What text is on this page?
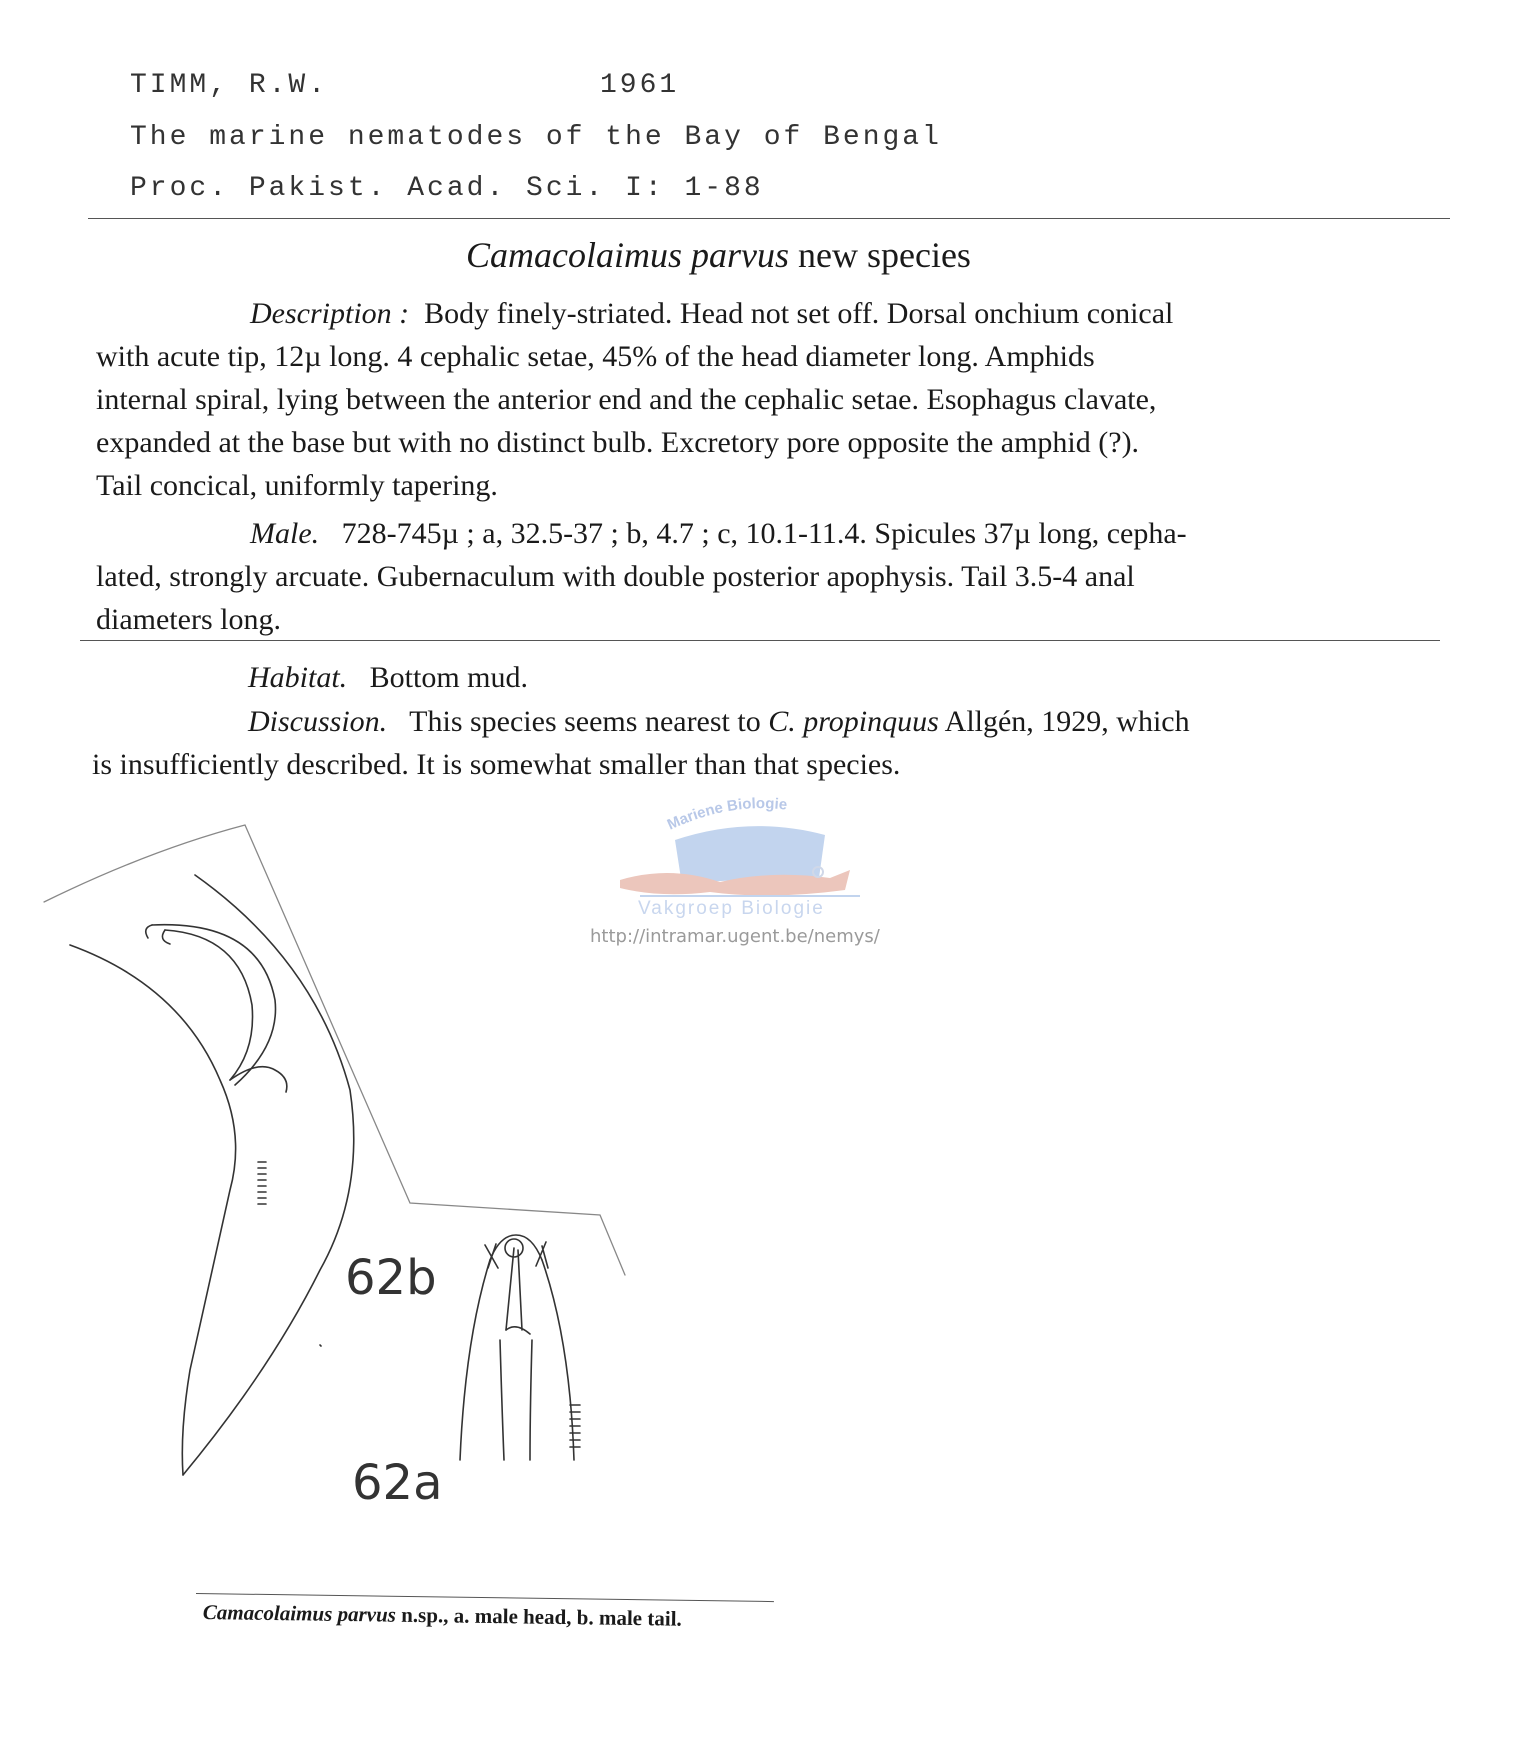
TIMM, R.W.	1961
The marine nematodes of the Bay of Bengal
Proc. Pakist. Acad. Sci. I: 1-88
Camacolaimus parvus new species
Description : Body finely-striated. Head not set off. Dorsal onchium conical
with acute tip, 12µ long. 4 cephalic setae, 45% of the head diameter long. Amphids
internal spiral, lying between the anterior end and the cephalic setae. Esophagus clavate,
expanded at the base but with no distinct bulb. Excretory pore opposite the amphid (?).
Tail concical, uniformly tapering.
Male. 728-745µ ; a, 32.5-37 ; b, 4.7 ; c, 10.1-11.4. Spicules 37µ long, cepha-
lated, strongly arcuate. Gubernaculum with double posterior apophysis. Tail 3.5-4 anal
diameters long.
Habitat. Bottom mud.
Discussion. This species seems nearest to C. propinquus Allgén, 1929, which
is insufficiently described. It is somewhat smaller than that species.
Mariene Biologie
Vakgroep Biologie
http://intramar.ugent.be/nemys/
62b
62a
Camacolaimus parvus n.sp., a. male head, b. male tail.
